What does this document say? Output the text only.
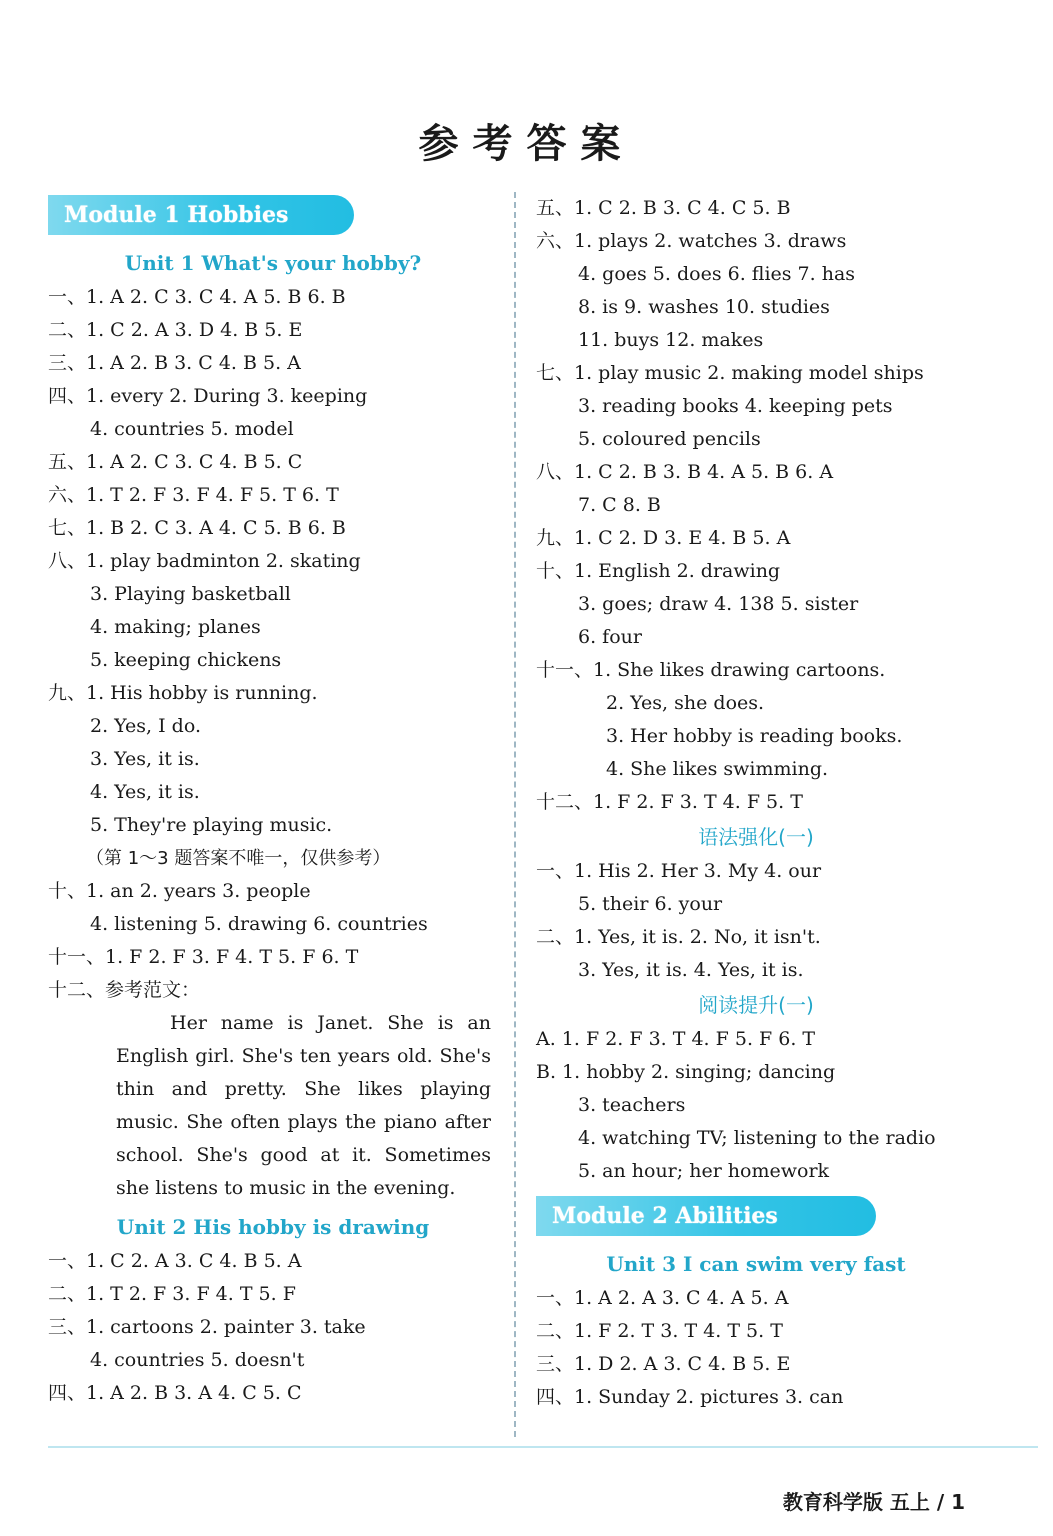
参考答案
Module 1 Hobbies
Unit 1 What's your hobby?
一、1. A 2. C 3. C 4. A 5. B 6. B
二、1. C 2. A 3. D 4. B 5. E
三、1. A 2. B 3. C 4. B 5. A
四、1. every 2. During 3. keeping
4. countries 5. model
五、1. A 2. C 3. C 4. B 5. C
六、1. T 2. F 3. F 4. F 5. T 6. T
七、1. B 2. C 3. A 4. C 5. B 6. B
八、1. play badminton 2. skating
3. Playing basketball
4. making; planes
5. keeping chickens
九、1. His hobby is running.
2. Yes, I do.
3. Yes, it is.
4. Yes, it is.
5. They're playing music.
（第 1～3 题答案不唯一，仅供参考）
十、1. an 2. years 3. people
4. listening 5. drawing 6. countries
十一、1. F 2. F 3. F 4. T 5. F 6. T
十二、参考范文：

Her name is Janet. She is an English girl. She's ten years old. She's thin and pretty. She likes playing music. She often plays the piano after school. She's good at it. Sometimes she listens to music in the evening.

Unit 2 His hobby is drawing
一、1. C 2. A 3. C 4. B 5. A
二、1. T 2. F 3. F 4. T 5. F
三、1. cartoons 2. painter 3. take
4. countries 5. doesn't
四、1. A 2. B 3. A 4. C 5. C
五、1. C 2. B 3. C 4. C 5. B
六、1. plays 2. watches 3. draws
4. goes 5. does 6. flies 7. has
8. is 9. washes 10. studies
11. buys 12. makes
七、1. play music 2. making model ships
3. reading books 4. keeping pets
5. coloured pencils
八、1. C 2. B 3. B 4. A 5. B 6. A
7. C 8. B
九、1. C 2. D 3. E 4. B 5. A
十、1. English 2. drawing
3. goes; draw 4. 138 5. sister
6. four
十一、1. She likes drawing cartoons.
2. Yes, she does.
3. Her hobby is reading books.
4. She likes swimming.
十二、1. F 2. F 3. T 4. F 5. T
语法强化(一)
一、1. His 2. Her 3. My 4. our
5. their 6. your
二、1. Yes, it is. 2. No, it isn't.
3. Yes, it is. 4. Yes, it is.
阅读提升(一)
A. 1. F 2. F 3. T 4. F 5. F 6. T
B. 1. hobby 2. singing; dancing
3. teachers
4. watching TV; listening to the radio
5. an hour; her homework
Module 2 Abilities
Unit 3 I can swim very fast
一、1. A 2. A 3. C 4. A 5. A
二、1. F 2. T 3. T 4. T 5. T
三、1. D 2. A 3. C 4. B 5. E
四、1. Sunday 2. pictures 3. can
教育科学版 五上 / 1
